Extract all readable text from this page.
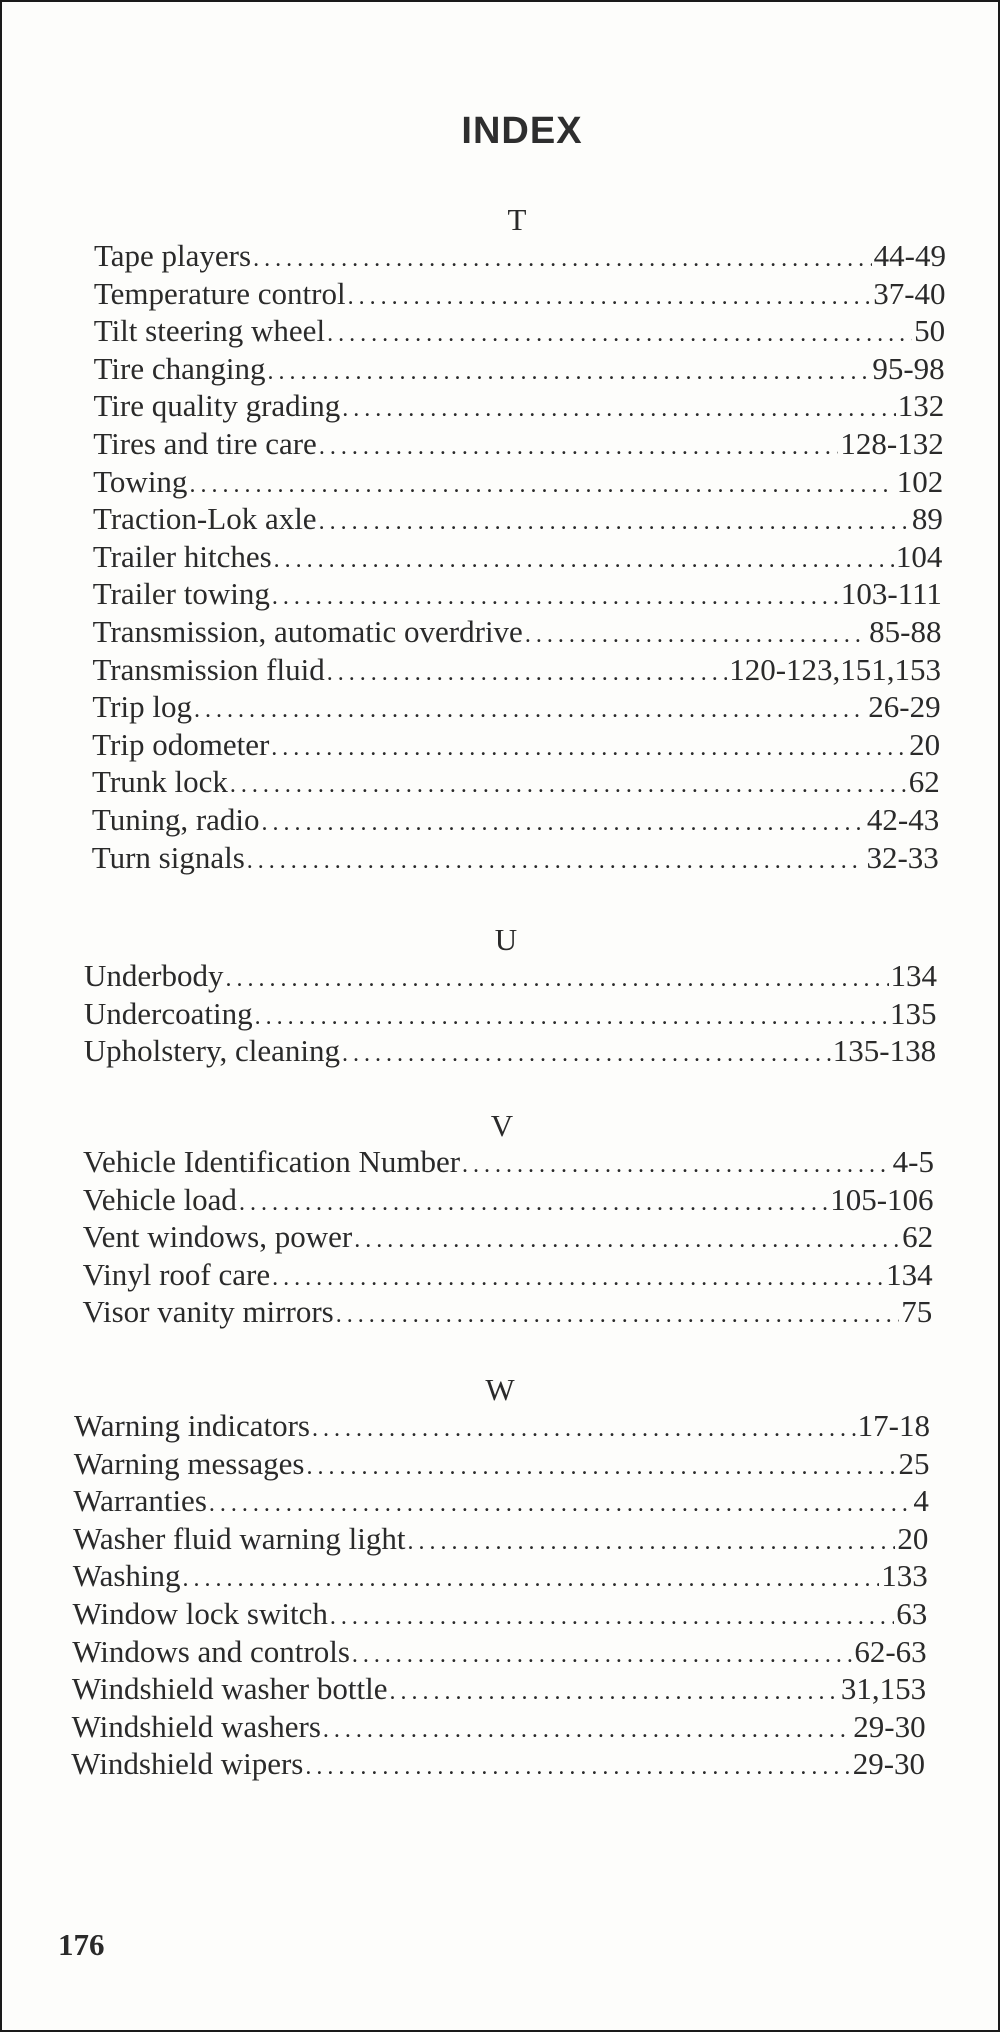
INDEX
T
Tape players . . .	44-49
Temperature control . . .	37-40
Tilt steering wheel . . .	50
Tire changing . . .	95-98
Tire quality grading . . .	132
Tires and tire care . . .	128-132
Towing . . .	102
Traction-Lok axle . . .	89
Trailer hitches . . .	104
Trailer towing . . .	103-111
Transmission, automatic overdrive . . .	85-88
Transmission fluid . . .	120-123,151,153
Trip log . . .	26-29
Trip odometer . . .	20
Trunk lock . . .	62
Tuning, radio . . .	42-43
Turn signals . . .	32-33
U
Underbody . . .	134
Undercoating . . .	135
Upholstery, cleaning . . .	135-138
V
Vehicle Identification Number . . .	4-5
Vehicle load . . .	105-106
Vent windows, power . . .	62
Vinyl roof care . . .	134
Visor vanity mirrors . . .	75
W
Warning indicators . . .	17-18
Warning messages . . .	25
Warranties . . .	4
Washer fluid warning light . . .	20
Washing . . .	133
Window lock switch . . .	63
Windows and controls . . .	62-63
Windshield washer bottle . . .	31,153
Windshield washers . . .	29-30
Windshield wipers . . .	29-30
176
